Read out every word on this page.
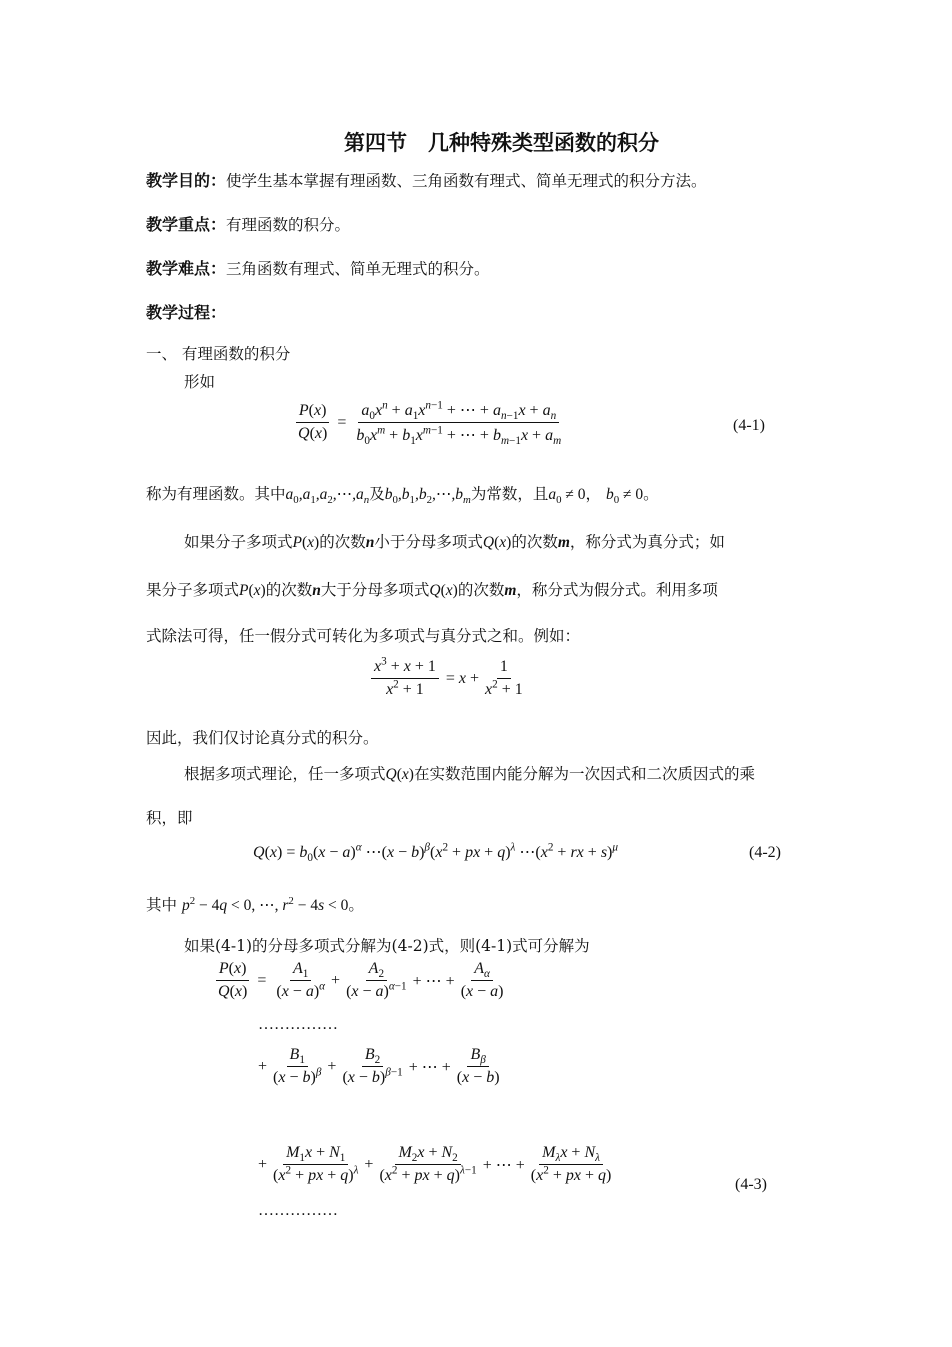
第四节　几种特殊类型函数的积分
教学目的：使学生基本掌握有理函数、三角函数有理式、简单无理式的积分方法。
教学重点：有理函数的积分。
教学难点：三角函数有理式、简单无理式的积分。
教学过程：
一、 有理函数的积分
形如
$\frac{P(x)}{Q(x)} = \frac{a_0x^n + a_1x^{n-1} + \cdots + a_{n-1}x + a_n}{b_0x^m + b_1x^{m-1} + \cdots + b_{m-1}x + a_m}$	(4-1)
称为有理函数。其中$a_0,a_1,a_2,\cdots,a_n$及$b_0,b_1,b_2,\cdots,b_m$为常数，且$a_0 \ne 0$， $b_0 \ne 0$。
如果分子多项式P(x)的次数n小于分母多项式Q(x)的次数m，称分式为真分式；如
果分子多项式P(x)的次数n大于分母多项式Q(x)的次数m，称分式为假分式。利用多项
式除法可得，任一假分式可转化为多项式与真分式之和。例如：
$\frac{x^3 + x + 1}{x^2 + 1} = x + \frac{1}{x^2 + 1}$
因此，我们仅讨论真分式的积分。
根据多项式理论，任一多项式Q(x)在实数范围内能分解为一次因式和二次质因式的乘
积，即
$Q(x) = b_0(x - a)^\alpha$ ⋯(x − $b)^\beta(x^2$ + px + q)$^\lambda$ $\cdots(x^2$ + rx + s)$^\mu$	(4-2)
其中 $p^2 - 4q < 0$, ⋯, $r^2 - 4s < 0$。
如果(4-1)的分母多项式分解为(4-2)式，则(4-1)式可分解为
$\frac{P(x)}{Q(x)} = \frac{A_1}{(x - a)^\alpha} + \frac{A_2}{(x - a)^{\alpha-1}}$ + ⋯ + $\frac{A_\alpha}{(x - a)}$
……………
+ $\frac{B_1}{(x - b)^\beta} + \frac{B_2}{(x - b)^{\beta-1}}$ + ⋯ + $\frac{B_\beta}{(x - b)}$
+ $\frac{M_1x + N_1}{(x^2 + px + q)^\lambda} + \frac{M_2x + N_2}{(x^2 + px + q)^{\lambda-1}}$ + ⋯ + $\frac{M_\lambda x + N_\lambda}{(x^2 + px + q)}$	(4-3)
……………
